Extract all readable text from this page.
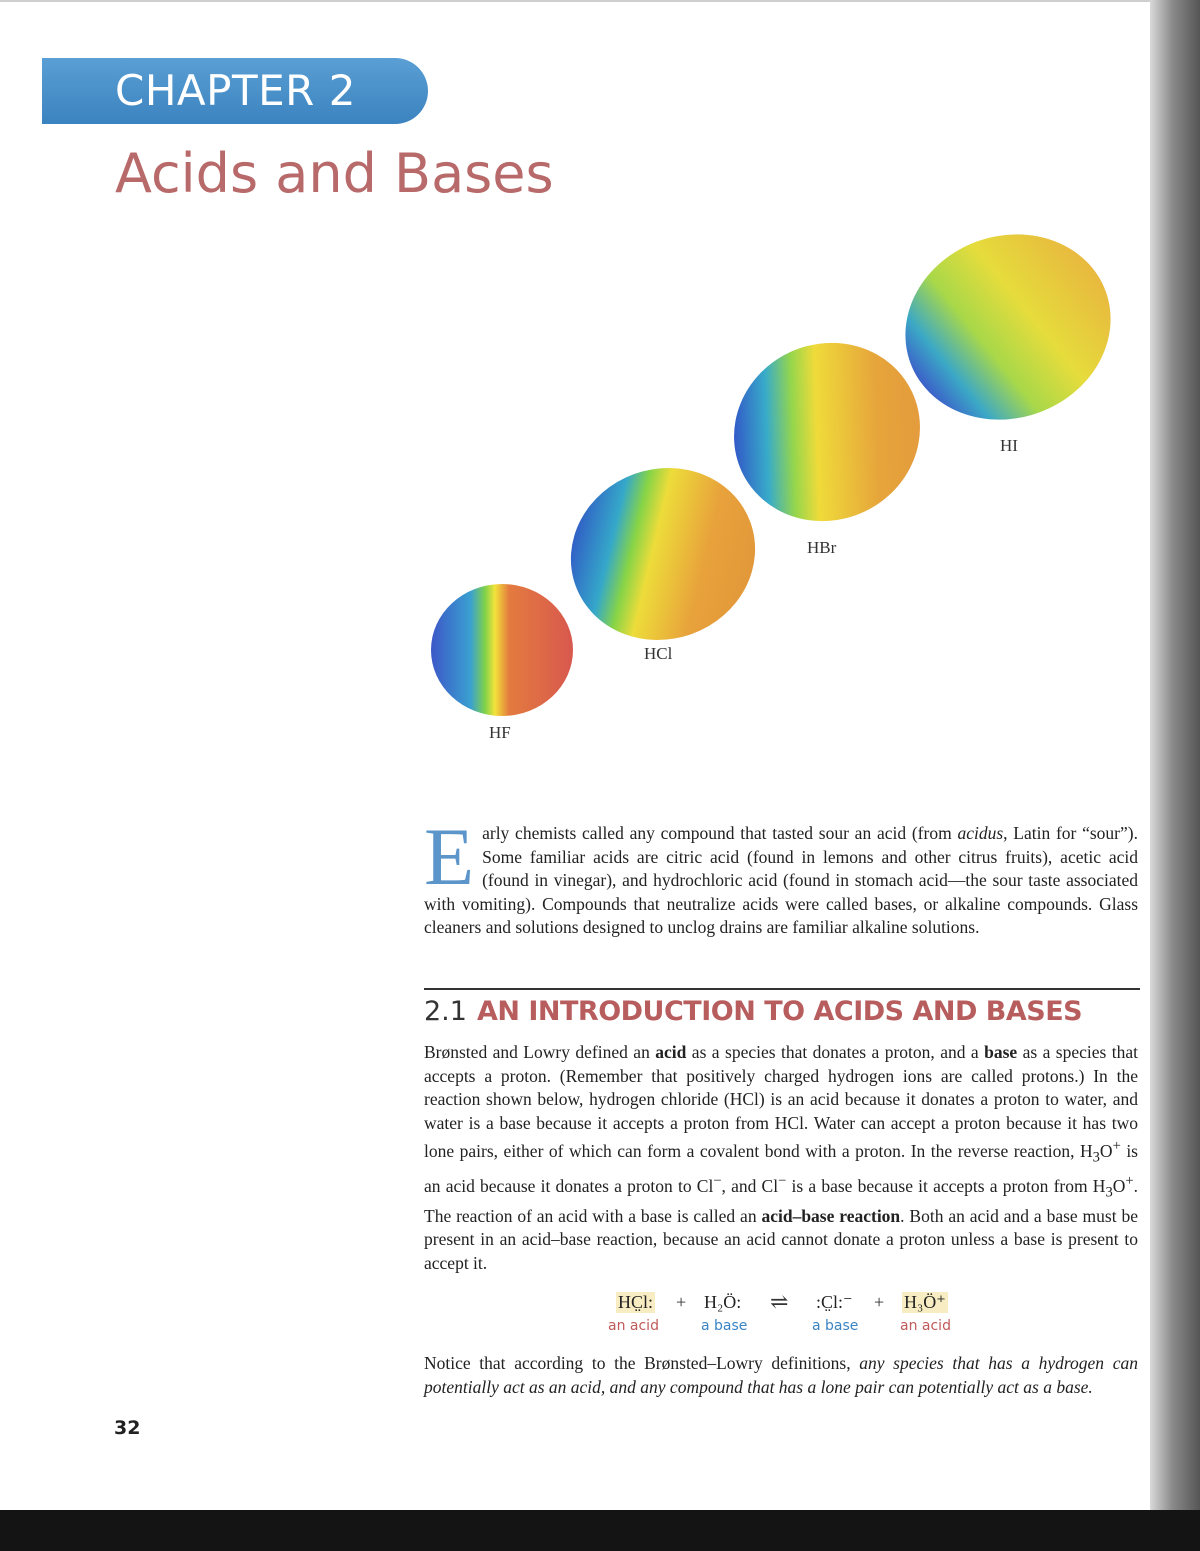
CHAPTER 2
Acids and Bases
HF
HCl
HBr
HI
Early chemists called any compound that tasted sour an acid (from acidus, Latin for “sour”). Some familiar acids are citric acid (found in lemons and other citrus fruits), acetic acid (found in vinegar), and hydrochloric acid (found in stomach acid—the sour taste associated with vomiting). Compounds that neutralize acids were called bases, or alkaline compounds. Glass cleaners and solutions designed to unclog drains are familiar alkaline solutions.
2.1 AN INTRODUCTION TO ACIDS AND BASES
Brønsted and Lowry defined an acid as a species that donates a proton, and a base as a species that accepts a proton. (Remember that positively charged hydrogen ions are called protons.) In the reaction shown below, hydrogen chloride (HCl) is an acid because it donates a proton to water, and water is a base because it accepts a proton from HCl. Water can accept a proton because it has two lone pairs, either of which can form a covalent bond with a proton. In the reverse reaction, $H_3O^+$ is an acid because it donates a proton to Cl−, and Cl− is a base because it accepts a proton from $H_3O^+$. The reaction of an acid with a base is called an acid–base reaction. Both an acid and a base must be present in an acid–base reaction, because an acid cannot donate a proton unless a base is present to accept it.
HC̤l: + H₂Ö: ⇌ :C̤l:⁻ + H₃Ö⁺
an acid	a base	a base	an acid
Notice that according to the Brønsted–Lowry definitions, any species that has a hydrogen can potentially act as an acid, and any compound that has a lone pair can potentially act as a base.
32
